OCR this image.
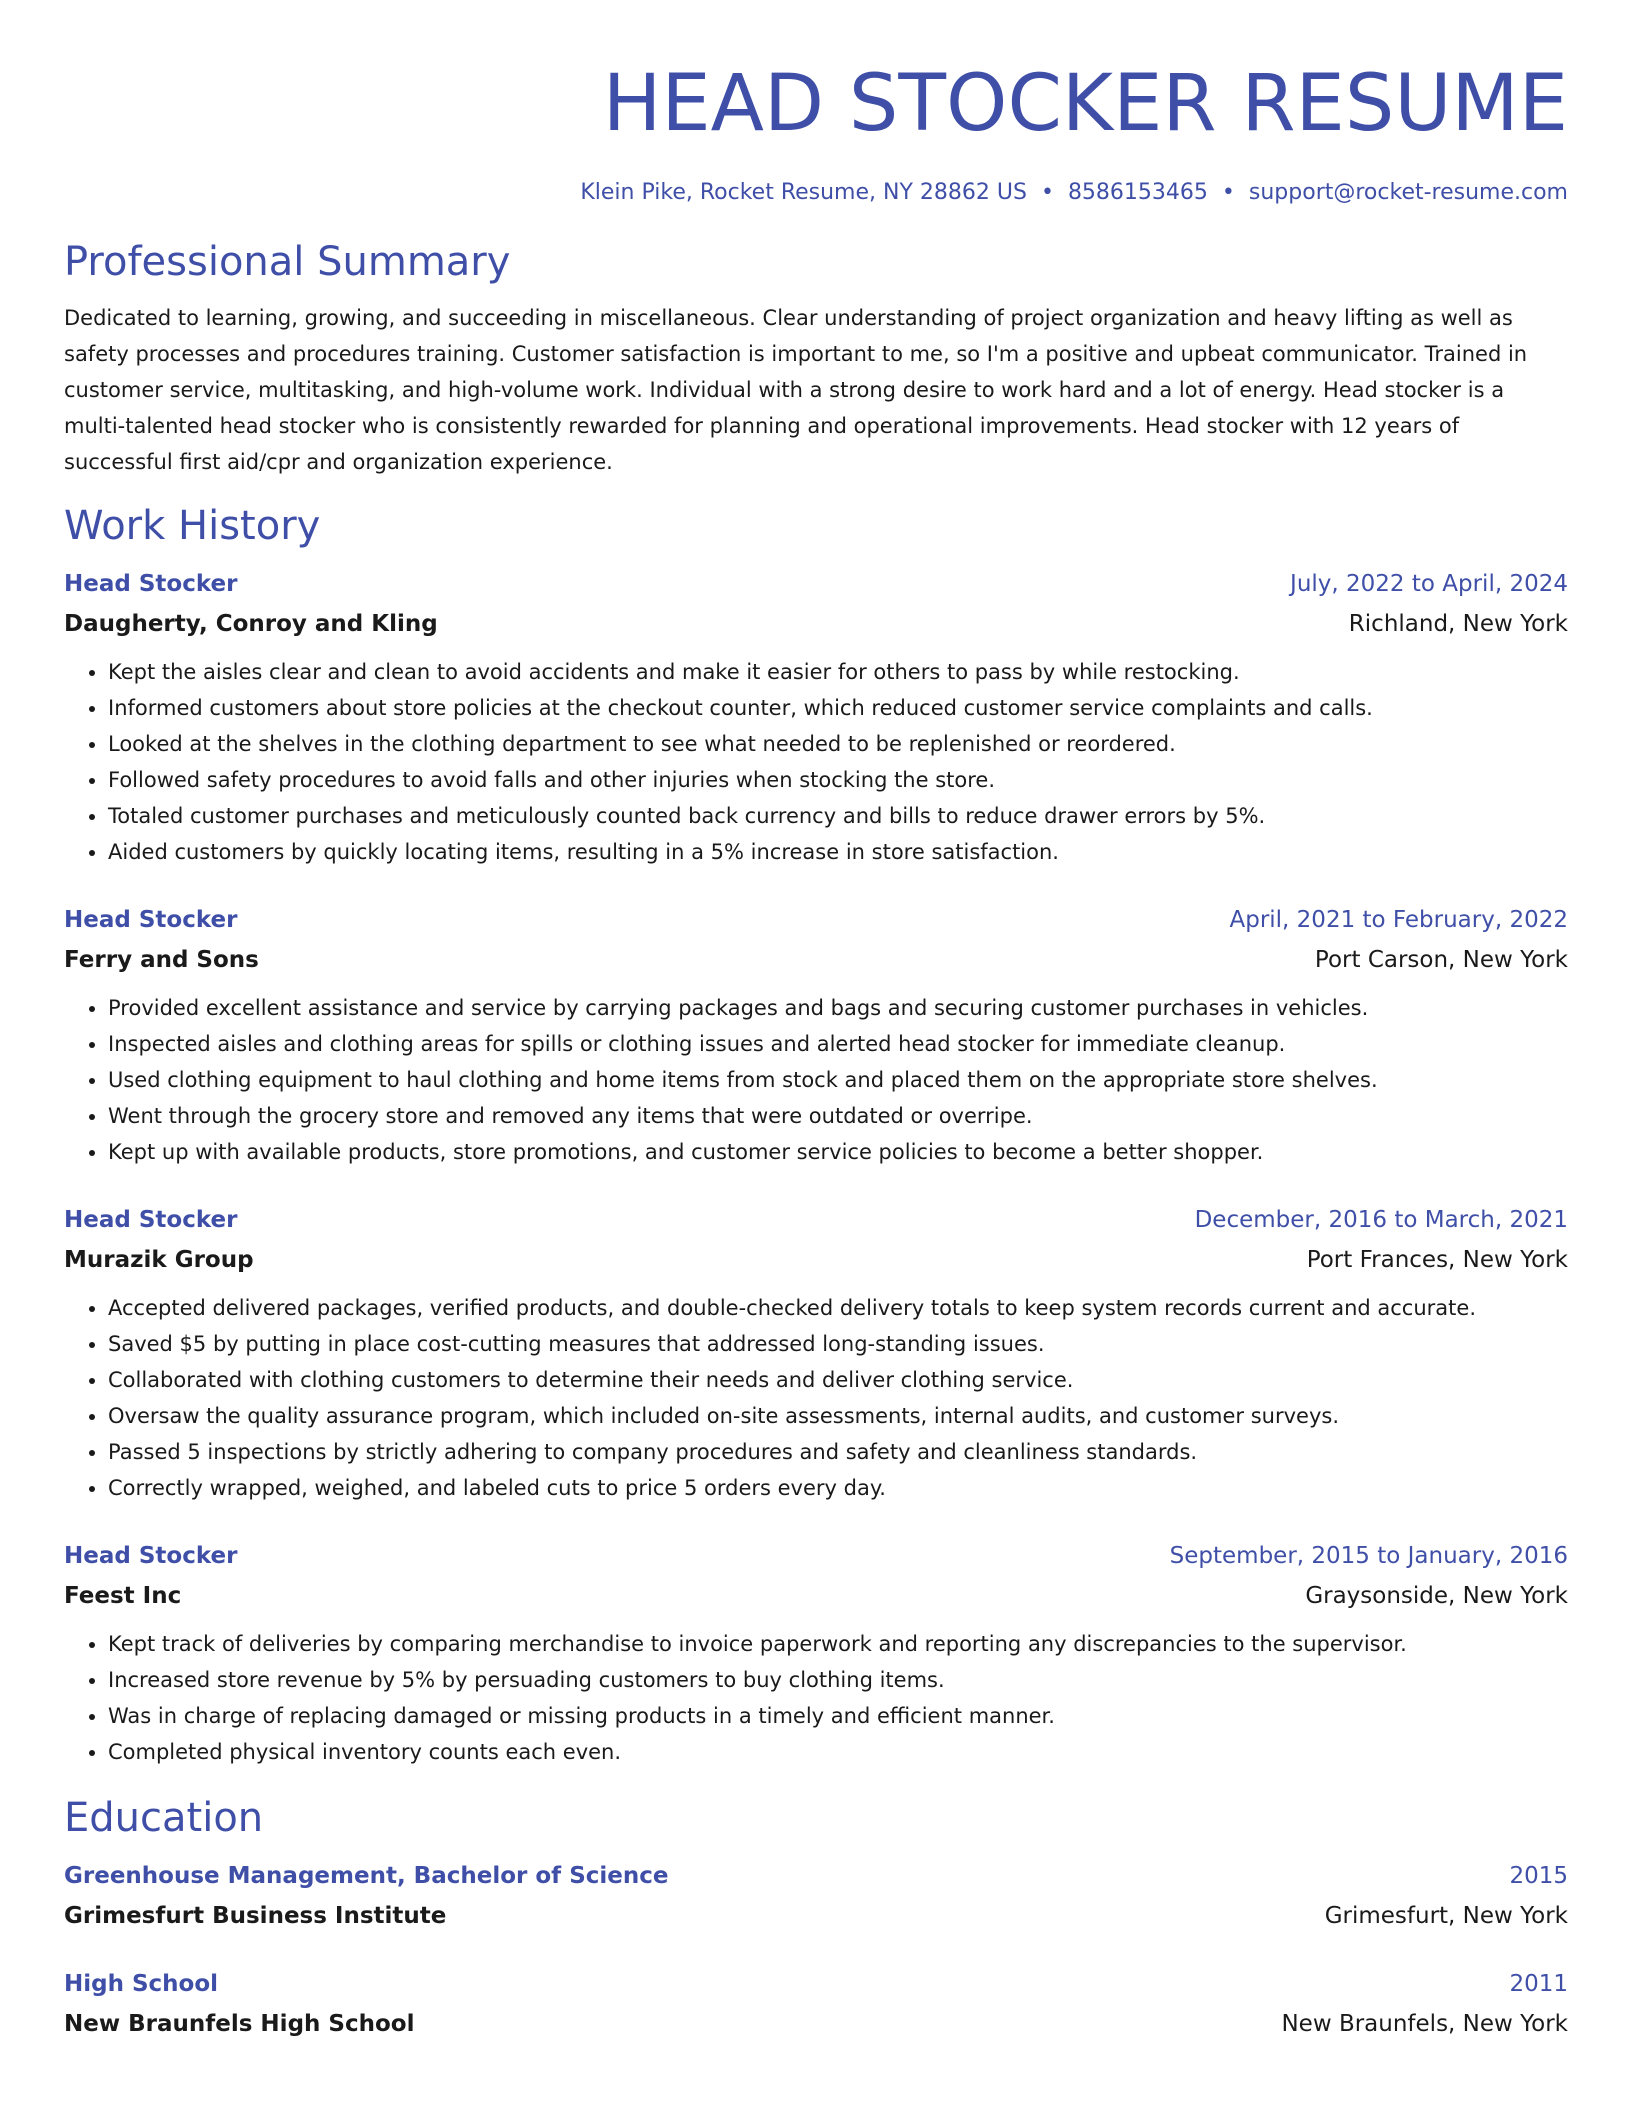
HEAD STOCKER RESUME
Klein Pike, Rocket Resume, NY 28862 US • 8586153465 • support@rocket-resume.com
Professional Summary

Dedicated to learning, growing, and succeeding in miscellaneous. Clear understanding of project organization and heavy lifting as well as safety processes and procedures training. Customer satisfaction is important to me, so I'm a positive and upbeat communicator. Trained in customer service, multitasking, and high-volume work. Individual with a strong desire to work hard and a lot of energy. Head stocker is a multi-talented head stocker who is consistently rewarded for planning and operational improvements. Head stocker with 12 years of successful first aid/cpr and organization experience.

Work History
Head Stocker	July, 2022 to April, 2024
Daugherty, Conroy and Kling	Richland, New York
• Kept the aisles clear and clean to avoid accidents and make it easier for others to pass by while restocking.
• Informed customers about store policies at the checkout counter, which reduced customer service complaints and calls.
• Looked at the shelves in the clothing department to see what needed to be replenished or reordered.
• Followed safety procedures to avoid falls and other injuries when stocking the store.
• Totaled customer purchases and meticulously counted back currency and bills to reduce drawer errors by 5%.
• Aided customers by quickly locating items, resulting in a 5% increase in store satisfaction.
Head Stocker	April, 2021 to February, 2022
Ferry and Sons	Port Carson, New York
• Provided excellent assistance and service by carrying packages and bags and securing customer purchases in vehicles.
• Inspected aisles and clothing areas for spills or clothing issues and alerted head stocker for immediate cleanup.
• Used clothing equipment to haul clothing and home items from stock and placed them on the appropriate store shelves.
• Went through the grocery store and removed any items that were outdated or overripe.
• Kept up with available products, store promotions, and customer service policies to become a better shopper.
Head Stocker	December, 2016 to March, 2021
Murazik Group	Port Frances, New York
• Accepted delivered packages, verified products, and double-checked delivery totals to keep system records current and accurate.
• Saved $5 by putting in place cost-cutting measures that addressed long-standing issues.
• Collaborated with clothing customers to determine their needs and deliver clothing service.
• Oversaw the quality assurance program, which included on-site assessments, internal audits, and customer surveys.
• Passed 5 inspections by strictly adhering to company procedures and safety and cleanliness standards.
• Correctly wrapped, weighed, and labeled cuts to price 5 orders every day.
Head Stocker	September, 2015 to January, 2016
Feest Inc	Graysonside, New York
• Kept track of deliveries by comparing merchandise to invoice paperwork and reporting any discrepancies to the supervisor.
• Increased store revenue by 5% by persuading customers to buy clothing items.
• Was in charge of replacing damaged or missing products in a timely and efficient manner.
• Completed physical inventory counts each even.
Education
Greenhouse Management, Bachelor of Science	2015
Grimesfurt Business Institute	Grimesfurt, New York
High School	2011
New Braunfels High School	New Braunfels, New York
